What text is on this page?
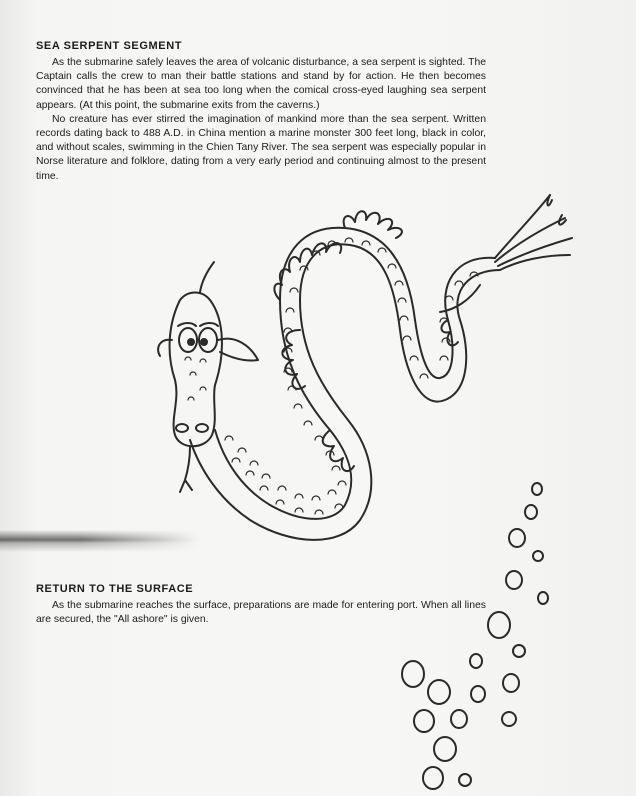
SEA SERPENT SEGMENT

As the submarine safely leaves the area of volcanic disturbance, a sea serpent is sighted. The Captain calls the crew to man their battle stations and stand by for action. He then becomes convinced that he has been at sea too long when the comical cross-eyed laughing sea serpent appears. (At this point, the submarine exits from the caverns.)

No creature has ever stirred the imagination of mankind more than the sea serpent. Written records dating back to 488 A.D. in China mention a marine monster 300 feet long, black in color, and without scales, swimming in the Chien Tany River. The sea serpent was especially popular in Norse literature and folklore, dating from a very early period and continuing almost to the present time.

RETURN TO THE SURFACE

As the submarine reaches the surface, preparations are made for entering port. When all lines are secured, the "All ashore" is given.
